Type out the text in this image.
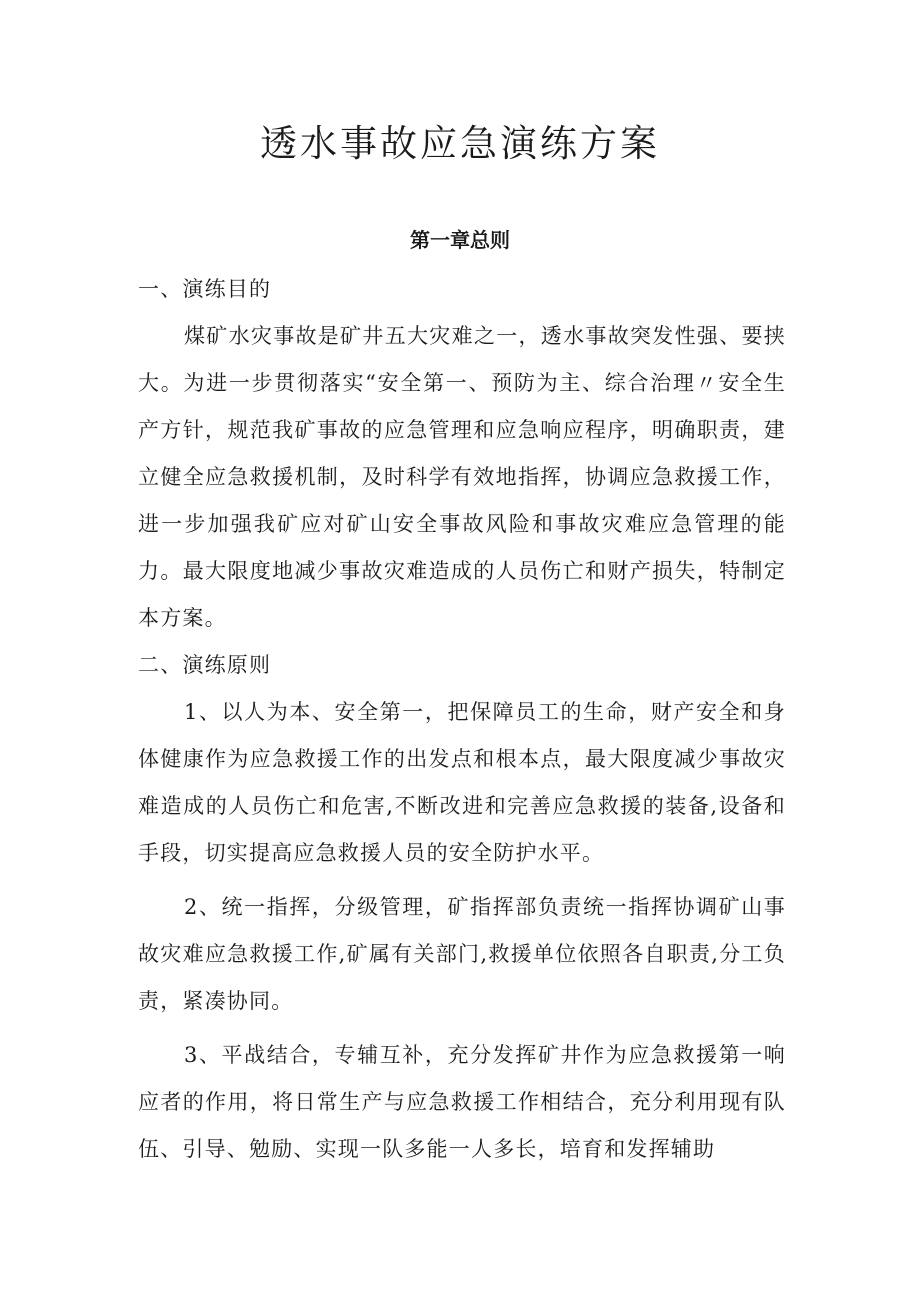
透水事故应急演练方案
第一章总则

一、演练目的

煤矿水灾事故是矿井五大灾难之一，透水事故突发性强、要挟大。为进一步贯彻落实“安全第一、预防为主、综合治理〃安全生产方针，规范我矿事故的应急管理和应急响应程序，明确职责，建立健全应急救援机制，及时科学有效地指挥，协调应急救援工作，进一步加强我矿应对矿山安全事故风险和事故灾难应急管理的能力。最大限度地减少事故灾难造成的人员伤亡和财产损失，特制定本方案。

二、演练原则

1、以人为本、安全第一，把保障员工的生命，财产安全和身体健康作为应急救援工作的出发点和根本点，最大限度减少事故灾难造成的人员伤亡和危害,不断改进和完善应急救援的装备,设备和手段，切实提高应急救援人员的安全防护水平。

2、统一指挥，分级管理，矿指挥部负责统一指挥协调矿山事故灾难应急救援工作,矿属有关部门,救援单位依照各自职责,分工负责，紧凑协同。

3、平战结合，专辅互补，充分发挥矿井作为应急救援第一响应者的作用，将日常生产与应急救援工作相结合，充分利用现有队伍、引导、勉励、实现一队多能一人多长，培育和发挥辅助
